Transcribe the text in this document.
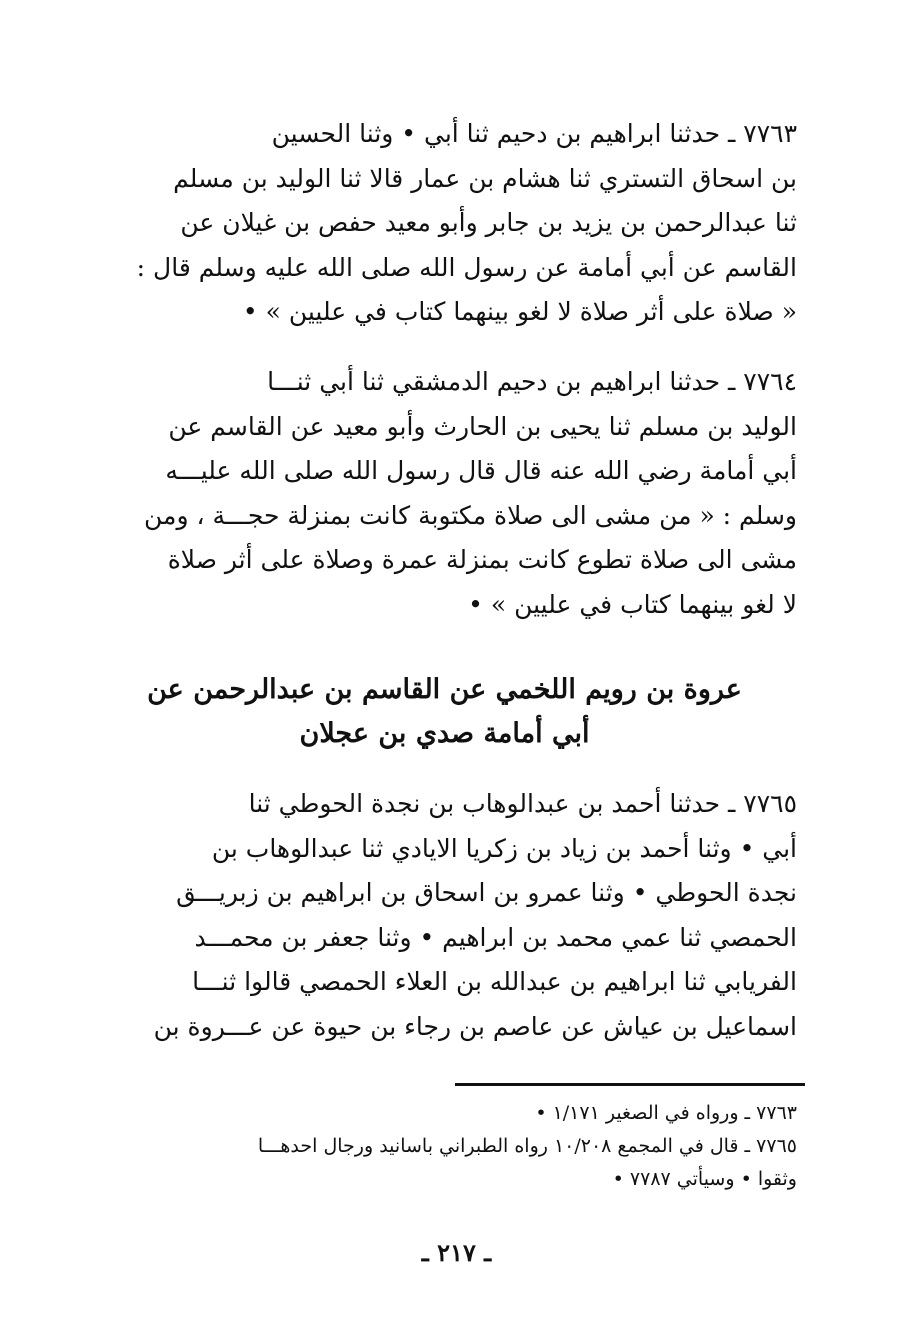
٧٧٦٣ ـ حدثنا ابراهيم بن دحيم ثنا أبي • وثنا الحسين
بن اسحاق التستري ثنا هشام بن عمار قالا ثنا الوليد بن مسلم
ثنا عبدالرحمن بن يزيد بن جابر وأبو معيد حفص بن غيلان عن
القاسم عن أبي أمامة عن رسول الله صلى الله عليه وسلم قال :
« صلاة على أثر صلاة لا لغو بينهما كتاب في عليين » •
٧٧٦٤ ـ حدثنا ابراهيم بن دحيم الدمشقي ثنا أبي ثنـــا
الوليد بن مسلم ثنا يحيى بن الحارث وأبو معيد عن القاسم عن
أبي أمامة رضي الله عنه قال قال رسول الله صلى الله عليـــه
وسلم : « من مشى الى صلاة مكتوبة كانت بمنزلة حجـــة ، ومن
مشى الى صلاة تطوع كانت بمنزلة عمرة وصلاة على أثر صلاة
لا لغو بينهما كتاب في عليين » •
عروة بن رويم اللخمي عن القاسم بن عبدالرحمن عن
أبي أمامة صدي بن عجلان
٧٧٦٥ ـ حدثنا أحمد بن عبدالوهاب بن نجدة الحوطي ثنا
أبي • وثنا أحمد بن زياد بن زكريا الايادي ثنا عبدالوهاب بن
نجدة الحوطي • وثنا عمرو بن اسحاق بن ابراهيم بن زبريـــق
الحمصي ثنا عمي محمد بن ابراهيم • وثنا جعفر بن محمـــد
الفريابي ثنا ابراهيم بن عبدالله بن العلاء الحمصي قالوا ثنـــا
اسماعيل بن عياش عن عاصم بن رجاء بن حيوة عن عـــروة بن
٧٧٦٣ ـ ورواه في الصغير ١/١٧١ •
٧٧٦٥ ـ قال في المجمع ١٠/٢٠٨ رواه الطبراني باسانيد ورجال احدهـــا
وثقوا • وسيأتي ٧٧٨٧ •
ـ ٢١٧ ـ
